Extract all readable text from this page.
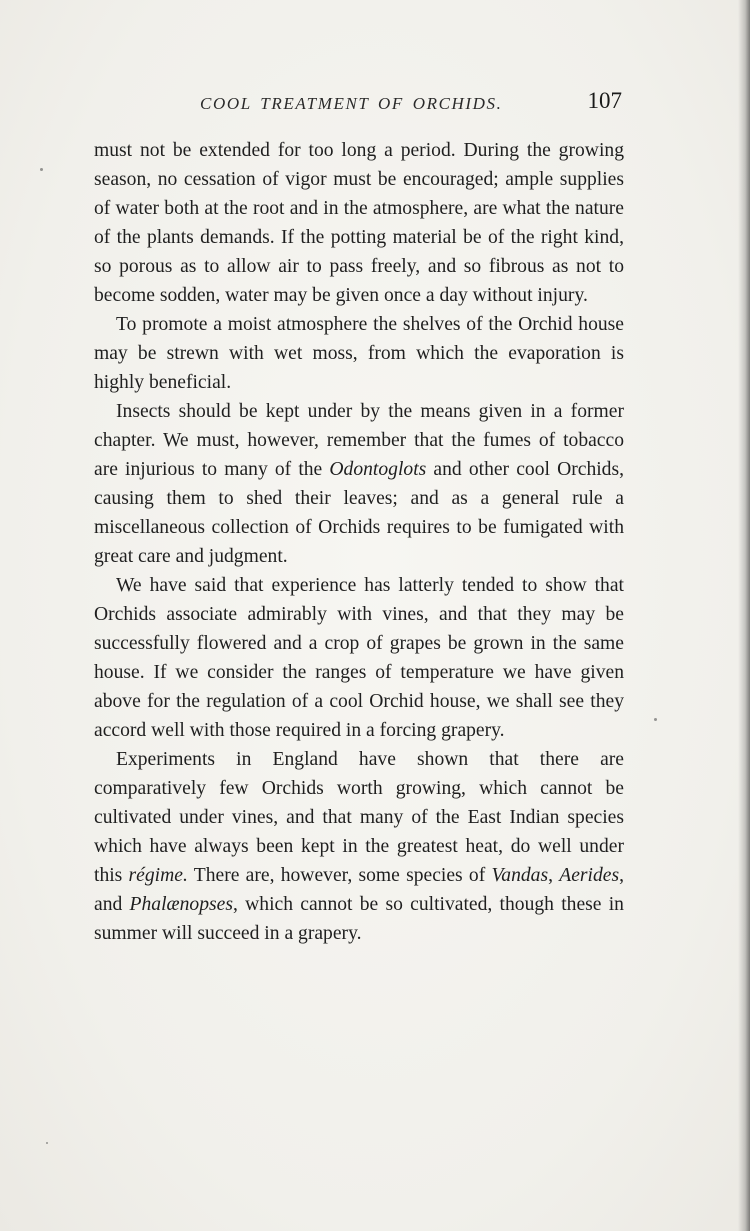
COOL TREATMENT OF ORCHIDS.	107

must not be extended for too long a period. During the growing season, no cessation of vigor must be encouraged; ample supplies of water both at the root and in the atmosphere, are what the nature of the plants demands. If the potting material be of the right kind, so porous as to allow air to pass freely, and so fibrous as not to become sodden, water may be given once a day without injury.

To promote a moist atmosphere the shelves of the Orchid house may be strewn with wet moss, from which the evaporation is highly beneficial.

Insects should be kept under by the means given in a former chapter. We must, however, remember that the fumes of tobacco are injurious to many of the Odontoglots and other cool Orchids, causing them to shed their leaves; and as a general rule a miscellaneous collection of Orchids requires to be fumigated with great care and judgment.

We have said that experience has latterly tended to show that Orchids associate admirably with vines, and that they may be successfully flowered and a crop of grapes be grown in the same house. If we consider the ranges of temperature we have given above for the regulation of a cool Orchid house, we shall see they accord well with those required in a forcing grapery.

Experiments in England have shown that there are comparatively few Orchids worth growing, which cannot be cultivated under vines, and that many of the East Indian species which have always been kept in the greatest heat, do well under this régime. There are, however, some species of Vandas, Aerides, and Phalænopses, which cannot be so cultivated, though these in summer will succeed in a grapery.
